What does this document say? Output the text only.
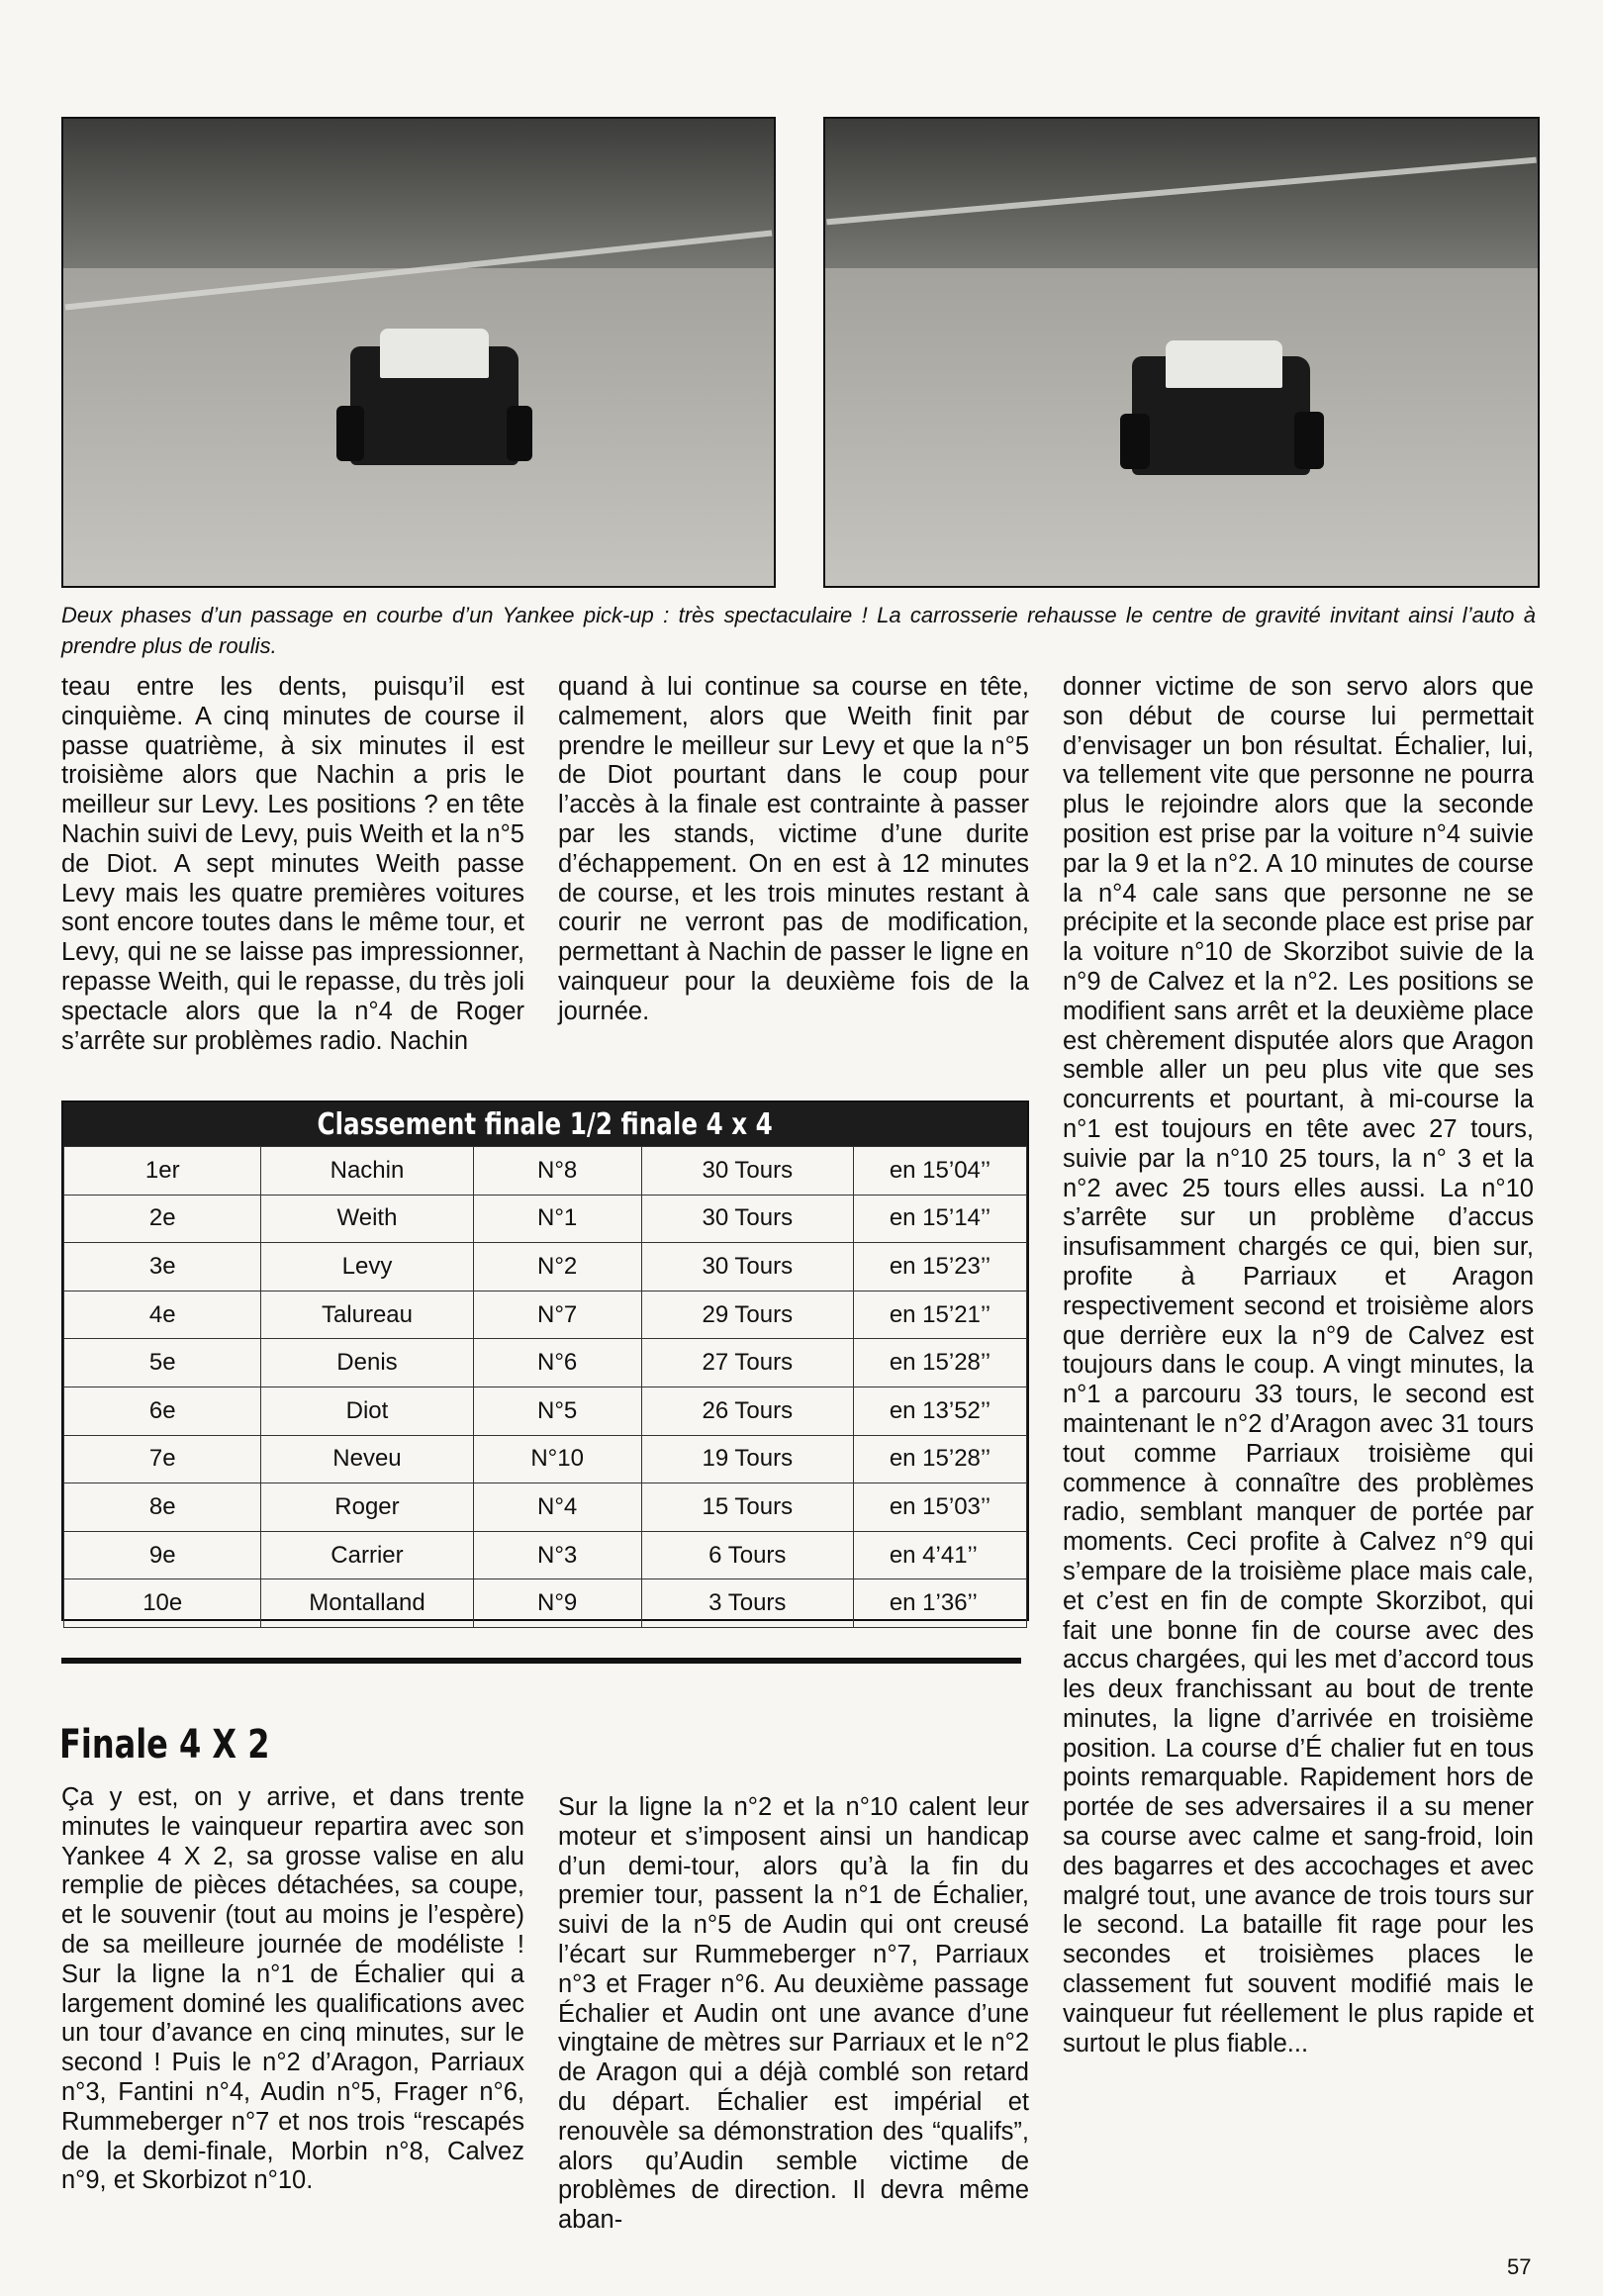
Deux phases d’un passage en courbe d’un Yankee pick-up : très spectaculaire ! La carrosserie rehausse le centre de gravité invitant ainsi l’auto à prendre plus de roulis.

teau entre les dents, puisqu’il est cinquième. A cinq minutes de course il passe quatrième, à six minutes il est troisième alors que Nachin a pris le meilleur sur Levy. Les positions ? en tête Nachin suivi de Levy, puis Weith et la n°5 de Diot. A sept minutes Weith passe Levy mais les quatre premières voitures sont encore toutes dans le même tour, et Levy, qui ne se laisse pas impressionner, repasse Weith, qui le repasse, du très joli spectacle alors que la n°4 de Roger s’arrête sur problèmes radio. Nachin

quand à lui continue sa course en tête, calmement, alors que Weith finit par prendre le meilleur sur Levy et que la n°5 de Diot pourtant dans le coup pour l’accès à la finale est contrainte à passer par les stands, victime d’une durite d’échappement. On en est à 12 minutes de course, et les trois minutes restant à courir ne verront pas de modification, permettant à Nachin de passer le ligne en vainqueur pour la deuxième fois de la journée.

donner victime de son servo alors que son début de course lui permettait d’envisager un bon résultat. Échalier, lui, va tellement vite que personne ne pourra plus le rejoindre alors que la seconde position est prise par la voiture n°4 suivie par la 9 et la n°2. A 10 minutes de course la n°4 cale sans que personne ne se précipite et la seconde place est prise par la voiture n°10 de Skorzibot suivie de la n°9 de Calvez et la n°2. Les positions se modifient sans arrêt et la deuxième place est chèrement disputée alors que Aragon semble aller un peu plus vite que ses concurrents et pourtant, à mi-course la n°1 est toujours en tête avec 27 tours, suivie par la n°10 25 tours, la n° 3 et la n°2 avec 25 tours elles aussi. La n°10 s’arrête sur un problème d’accus insufisamment chargés ce qui, bien sur, profite à Parriaux et Aragon respectivement second et troisième alors que derrière eux la n°9 de Calvez est toujours dans le coup. A vingt minutes, la n°1 a parcouru 33 tours, le second est maintenant le n°2 d’Aragon avec 31 tours tout comme Parriaux troisième qui commence à connaître des problèmes radio, semblant manquer de portée par moments. Ceci profite à Calvez n°9 qui s’empare de la troisième place mais cale, et c’est en fin de compte Skorzibot, qui fait une bonne fin de course avec des accus chargées, qui les met d’accord tous les deux franchissant au bout de trente minutes, la ligne d’arrivée en troisième position. La course d’É chalier fut en tous points remarquable. Rapidement hors de portée de ses adversaires il a su mener sa course avec calme et sang-froid, loin des bagarres et des accochages et avec malgré tout, une avance de trois tours sur le second. La bataille fit rage pour les secondes et troisièmes places le classement fut souvent modifié mais le vainqueur fut réellement le plus rapide et surtout le plus fiable...

Classement finale 1/2 finale 4 x 4
1er	Nachin	N°8	30 Tours	en 15’04’’
2e	Weith	N°1	30 Tours	en 15’14’’
3e	Levy	N°2	30 Tours	en 15’23’’
4e	Talureau	N°7	29 Tours	en 15’21’’
5e	Denis	N°6	27 Tours	en 15’28’’
6e	Diot	N°5	26 Tours	en 13’52’’
7e	Neveu	N°10	19 Tours	en 15’28’’
8e	Roger	N°4	15 Tours	en 15’03’’
9e	Carrier	N°3	6 Tours	en 4’41’’
10e	Montalland	N°9	3 Tours	en 1’36’’
Finale 4 X 2

Ça y est, on y arrive, et dans trente minutes le vainqueur repartira avec son Yankee 4 X 2, sa grosse valise en alu remplie de pièces détachées, sa coupe, et le souvenir (tout au moins je l’espère) de sa meilleure journée de modéliste ! Sur la ligne la n°1 de Échalier qui a largement dominé les qualifications avec un tour d’avance en cinq minutes, sur le second ! Puis le n°2 d’Aragon, Parriaux n°3, Fantini n°4, Audin n°5, Frager n°6, Rummeberger n°7 et nos trois “rescapés de la demi-finale, Morbin n°8, Calvez n°9, et Skorbizot n°10.

Sur la ligne la n°2 et la n°10 calent leur moteur et s’imposent ainsi un handicap d’un demi-tour, alors qu’à la fin du premier tour, passent la n°1 de Échalier, suivi de la n°5 de Audin qui ont creusé l’écart sur Rummeberger n°7, Parriaux n°3 et Frager n°6. Au deuxième passage Échalier et Audin ont une avance d’une vingtaine de mètres sur Parriaux et le n°2 de Aragon qui a déjà comblé son retard du départ. Échalier est impérial et renouvèle sa démonstration des “qualifs”, alors qu’Audin semble victime de problèmes de direction. Il devra même aban-

57
